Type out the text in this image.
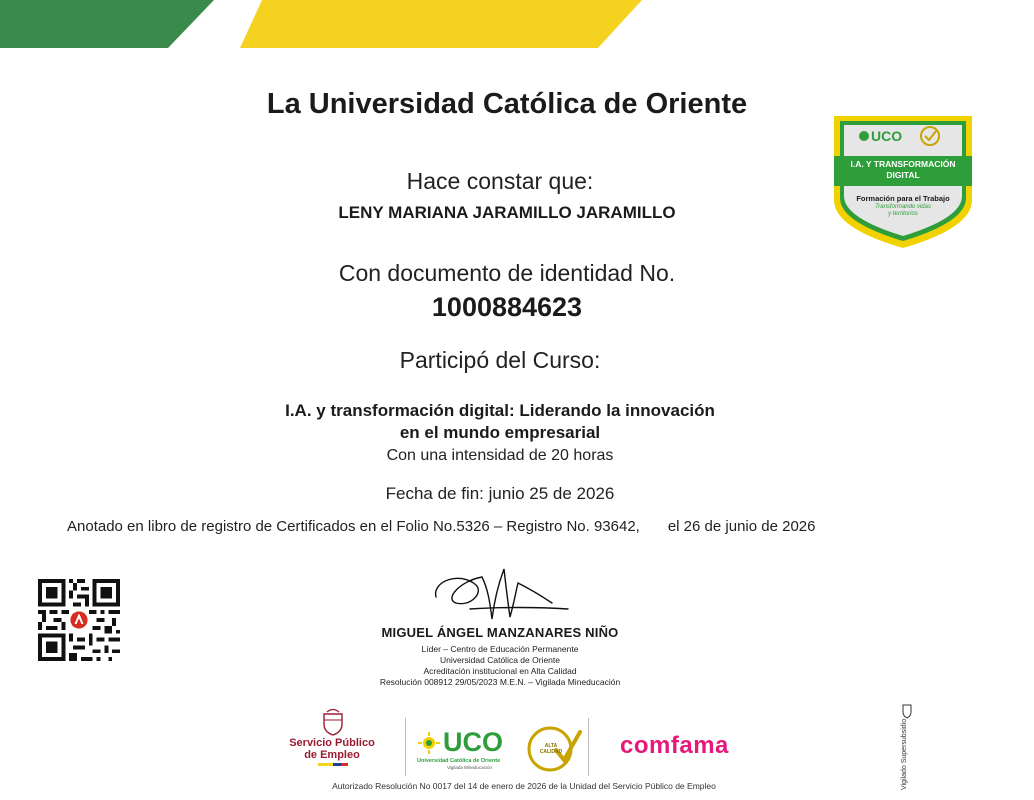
La Universidad Católica de Oriente
UCO
I.A. Y TRANSFORMACIÓN
DIGITAL
Formación para el Trabajo
Transformando vidas
y territorios
Hace constar que:
LENY MARIANA JARAMILLO JARAMILLO
Con documento de identidad No.
1000884623
Participó del Curso:
I.A. y transformación digital: Liderando la innovación
en el mundo empresarial
Con una intensidad de 20 horas
Fecha de fin: junio 25 de 2026
Anotado en libro de registro de Certificados en el Folio No.5326 – Registro No. 93642, el 26 de junio de 2026
MIGUEL ÁNGEL MANZANARES NIÑO
Líder – Centro de Educación Permanente
Universidad Católica de Oriente
Acreditación institucional en Alta Calidad
Resolución 008912 29/05/2023 M.E.N. – Vigilada Mineducación
Servicio Público
de Empleo	UCO
Universidad Católica de Oriente
Vigilada Mineducación
ALTA CALIDAD comfama	Vigilado Supersubsidio
Autorizado Resolución No 0017 del 14 de enero de 2026 de la Unidad del Servicio Público de Empleo
